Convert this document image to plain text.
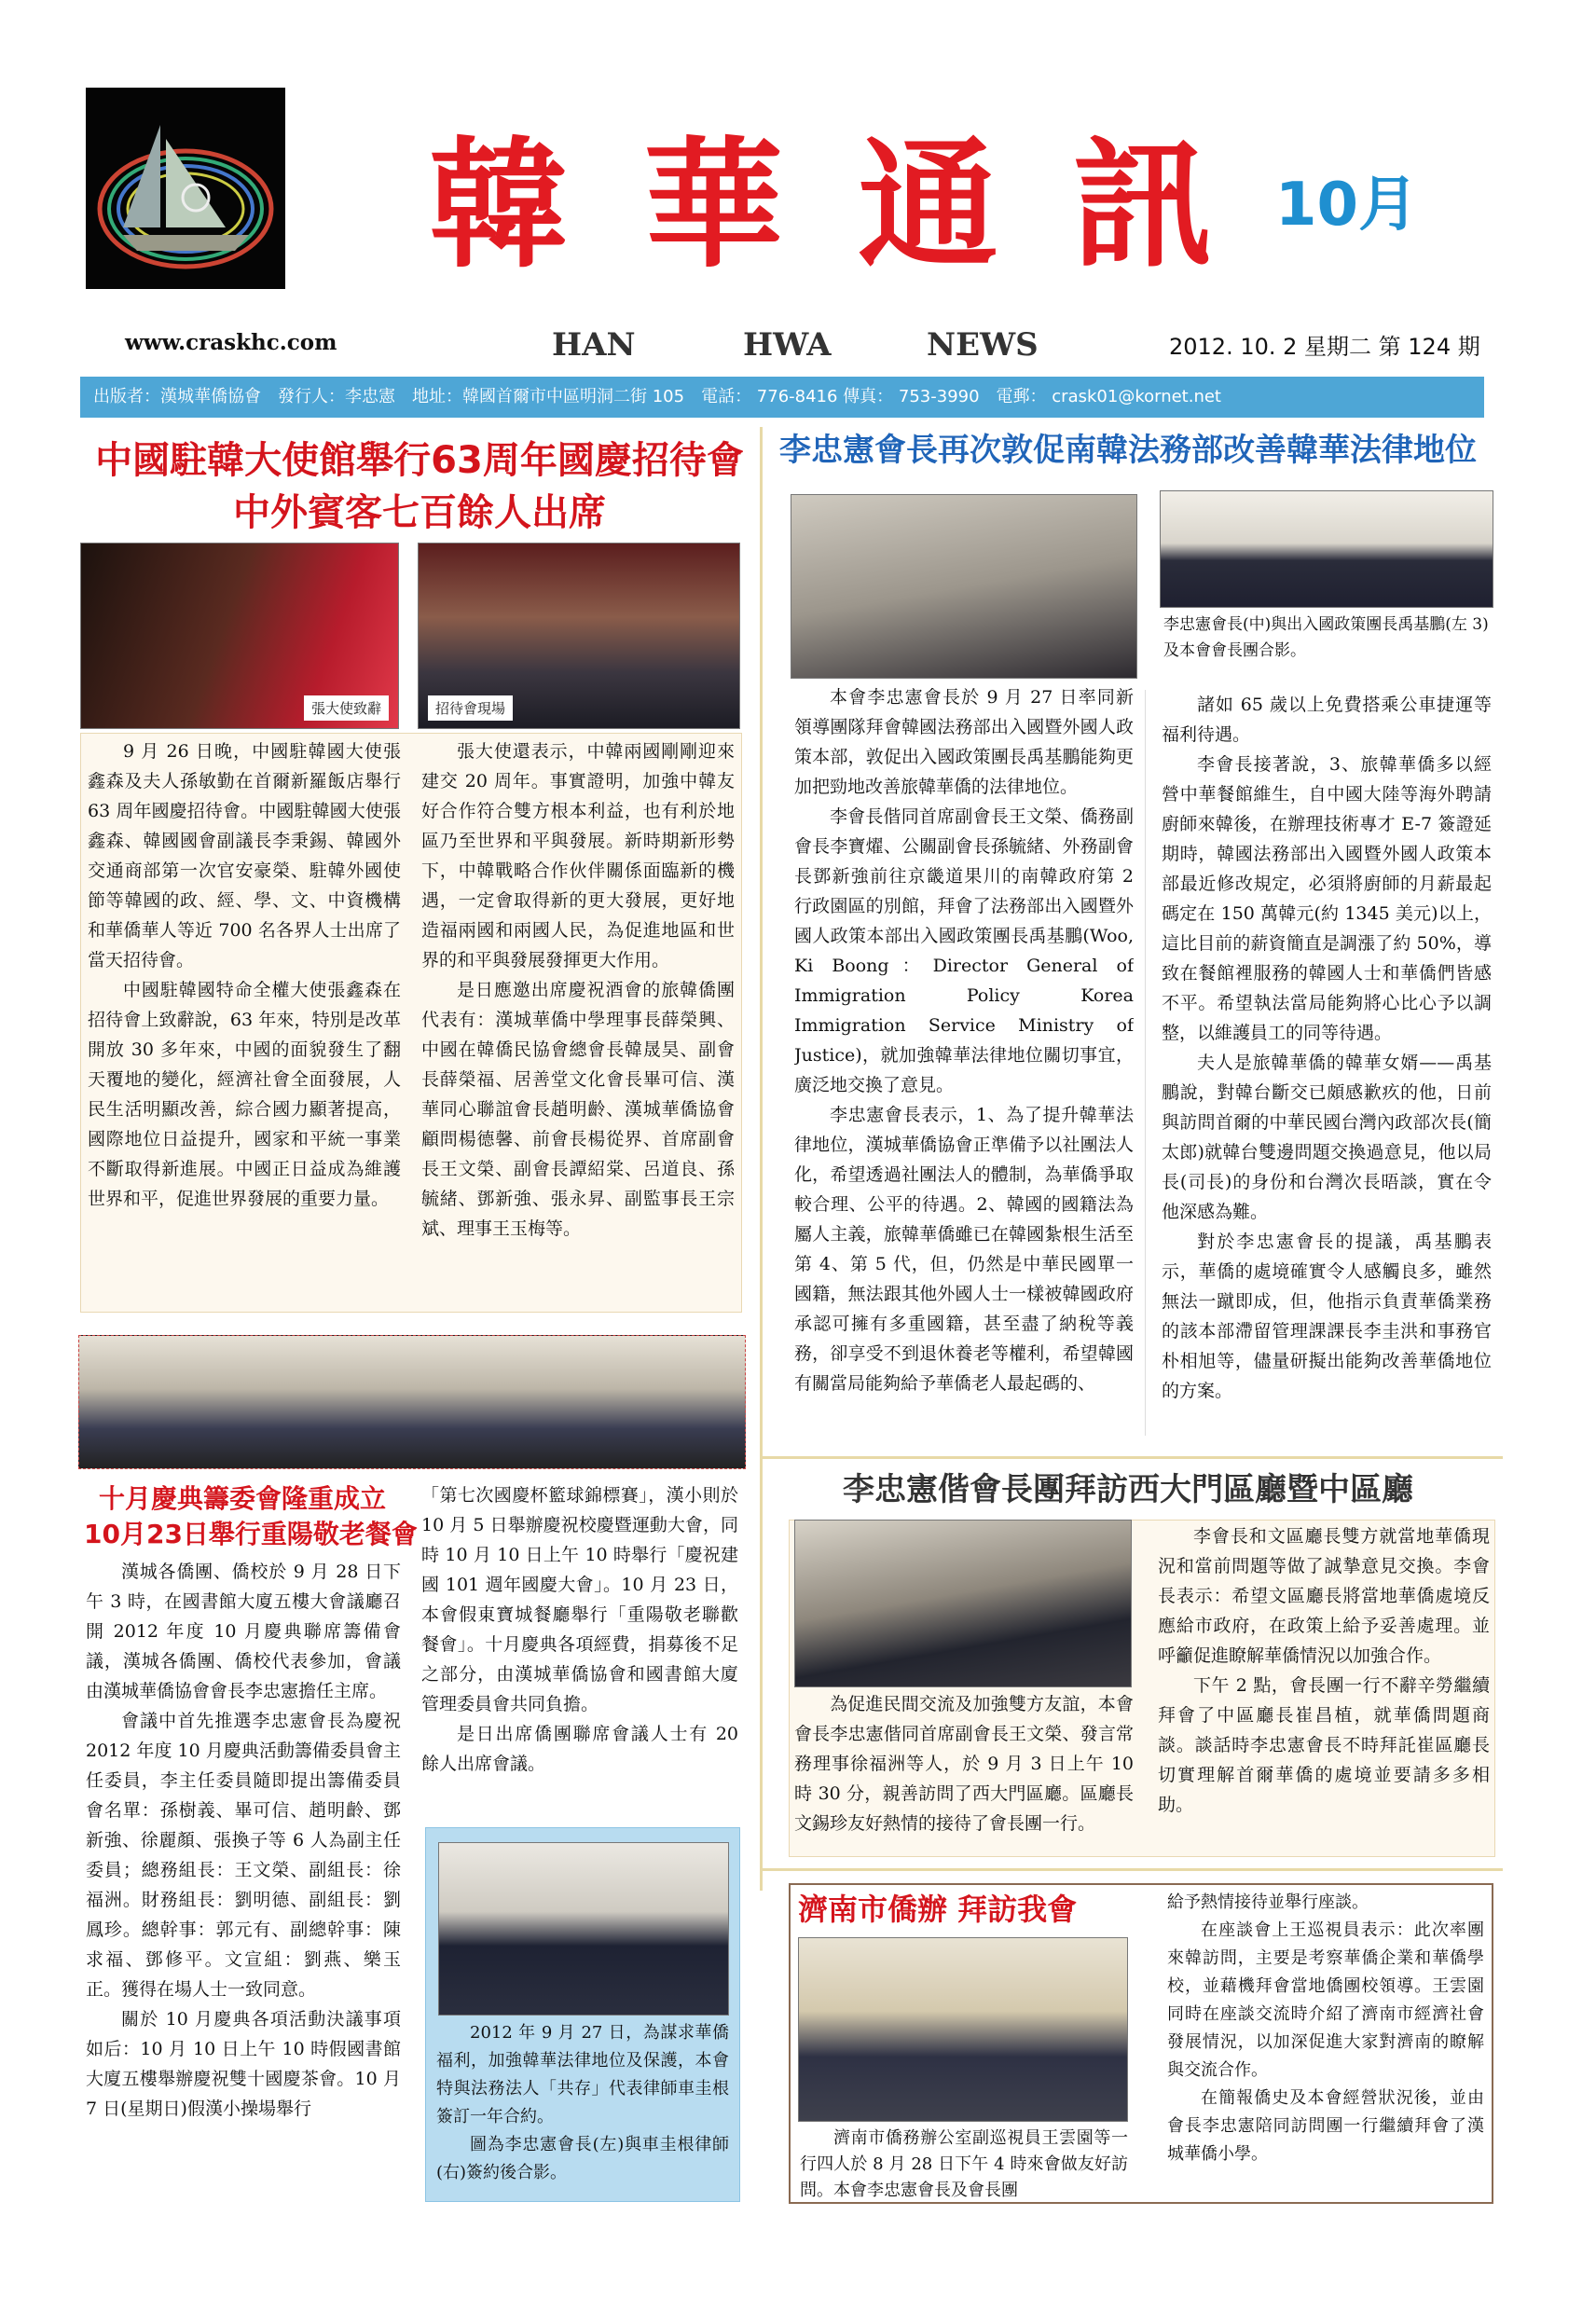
韓 華 通 訊 10月
www.craskhc.com	HAN	HWA	NEWS	2012. 10. 2 星期二 第 124 期
出版者：漢城華僑協會　發行人：李忠憲　地址：韓國首爾市中區明洞二街 105　電話： 776-8416 傳真： 753-3990　電郵： crask01@kornet.net
中國駐韓大使館舉行63周年國慶招待會
中外賓客七百餘人出席
張大使致辭	招待會現場

9 月 26 日晚，中國駐韓國大使張鑫森及夫人孫敏勤在首爾新羅飯店舉行 63 周年國慶招待會。中國駐韓國大使張鑫森、韓國國會副議長李秉錫、韓國外交通商部第一次官安豪榮、駐韓外國使節等韓國的政、經、學、文、中資機構和華僑華人等近 700 名各界人士出席了當天招待會。

中國駐韓國特命全權大使張鑫森在招待會上致辭說，63 年來，特別是改革開放 30 多年來，中國的面貌發生了翻天覆地的變化，經濟社會全面發展，人民生活明顯改善，綜合國力顯著提高，國際地位日益提升，國家和平統一事業不斷取得新進展。中國正日益成為維護世界和平，促進世界發展的重要力量。

張大使還表示，中韓兩國剛剛迎來建交 20 周年。事實證明，加強中韓友好合作符合雙方根本利益，也有利於地區乃至世界和平與發展。新時期新形勢下，中韓戰略合作伙伴關係面臨新的機遇，一定會取得新的更大發展，更好地造福兩國和兩國人民，為促進地區和世界的和平與發展發揮更大作用。

是日應邀出席慶祝酒會的旅韓僑團代表有：漢城華僑中學理事長薛榮興、中國在韓僑民協會總會長韓晟昊、副會長薛榮福、居善堂文化會長畢可信、漢華同心聯誼會長趙明齡、漢城華僑協會顧問楊德馨、前會長楊從界、首席副會長王文榮、副會長譚紹棠、呂道良、孫毓緒、鄧新強、張永昇、副監事長王宗斌、理事王玉梅等。

李忠憲會長再次敦促南韓法務部改善韓華法律地位
李忠憲會長(中)與出入國政策團長禹基鵬(左 3)及本會會長團合影。

本會李忠憲會長於 9 月 27 日率同新領導團隊拜會韓國法務部出入國暨外國人政策本部，敦促出入國政策團長禹基鵬能夠更加把勁地改善旅韓華僑的法律地位。

李會長偕同首席副會長王文榮、僑務副會長李寶燿、公關副會長孫毓緒、外務副會長鄧新強前往京畿道果川的南韓政府第 2 行政園區的別館，拜會了法務部出入國暨外國人政策本部出入國政策團長禹基鵬(Woo, Ki Boong：Director General of Immigration Policy Korea Immigration Service Ministry of Justice)，就加強韓華法律地位關切事宜，廣泛地交換了意見。

李忠憲會長表示，1、為了提升韓華法律地位，漢城華僑協會正準備予以社團法人化，希望透過社團法人的體制，為華僑爭取較合理、公平的待遇。2、韓國的國籍法為屬人主義，旅韓華僑雖已在韓國紮根生活至第 4、第 5 代，但，仍然是中華民國單一國籍，無法跟其他外國人士一樣被韓國政府承認可擁有多重國籍，甚至盡了納稅等義務，卻享受不到退休養老等權利，希望韓國有關當局能夠給予華僑老人最起碼的、

諸如 65 歲以上免費搭乘公車捷運等福利待遇。

李會長接著說，3、旅韓華僑多以經營中華餐館維生，自中國大陸等海外聘請廚師來韓後，在辦理技術專才 E-7 簽證延期時，韓國法務部出入國暨外國人政策本部最近修改規定，必須將廚師的月薪最起碼定在 150 萬韓元(約 1345 美元)以上，這比目前的薪資簡直是調漲了約 50%，導致在餐館裡服務的韓國人士和華僑們皆感不平。希望執法當局能夠將心比心予以調整，以維護員工的同等待遇。

夫人是旅韓華僑的韓華女婿——禹基鵬說，對韓台斷交已頗感歉疚的他，日前與訪問首爾的中華民國台灣內政部次長(簡太郎)就韓台雙邊問題交換過意見，他以局長(司長)的身份和台灣次長晤談，實在令他深感為難。

對於李忠憲會長的提議，禹基鵬表示，華僑的處境確實令人感觸良多，雖然無法一蹴即成，但，他指示負責華僑業務的該本部滯留管理課課長李圭洪和事務官朴相旭等，儘量研擬出能夠改善華僑地位的方案。

十月慶典籌委會隆重成立
10月23日舉行重陽敬老餐會

漢城各僑團、僑校於 9 月 28 日下午 3 時，在國書館大廈五樓大會議廳召開 2012 年度 10 月慶典聯席籌備會議，漢城各僑團、僑校代表參加，會議由漢城華僑協會會長李忠憲擔任主席。

會議中首先推選李忠憲會長為慶祝 2012 年度 10 月慶典活動籌備委員會主任委員，李主任委員隨即提出籌備委員會名單：孫樹義、畢可信、趙明齡、鄧新強、徐麗顏、張換子等 6 人為副主任委員；總務組長：王文榮、副組長：徐福洲。財務組長：劉明德、副組長：劉鳳珍。總幹事：郭元有、副總幹事：陳求福、鄧修平。文宣組：劉燕、樂玉正。獲得在場人士一致同意。

關於 10 月慶典各項活動決議事項如后：10 月 10 日上午 10 時假國書館大廈五樓舉辦慶祝雙十國慶茶會。10 月 7 日(星期日)假漢小操場舉行

「第七次國慶杯籃球錦標賽」，漢小則於 10 月 5 日舉辦慶祝校慶暨運動大會，同時 10 月 10 日上午 10 時舉行「慶祝建國 101 週年國慶大會」。10 月 23 日，本會假東寶城餐廳舉行「重陽敬老聯歡餐會」。十月慶典各項經費，捐募後不足之部分，由漢城華僑協會和國書館大廈管理委員會共同負擔。

是日出席僑團聯席會議人士有 20 餘人出席會議。

2012 年 9 月 27 日，為謀求華僑福利，加強韓華法律地位及保護，本會特與法務法人「共存」代表律師車圭根簽訂一年合約。

圖為李忠憲會長(左)與車圭根律師(右)簽約後合影。

李忠憲偕會長團拜訪西大門區廳暨中區廳

為促進民間交流及加強雙方友誼，本會會長李忠憲偕同首席副會長王文榮、發言常務理事徐福洲等人，於 9 月 3 日上午 10 時 30 分，親善訪問了西大門區廳。區廳長文錫珍友好熱情的接待了會長團一行。

李會長和文區廳長雙方就當地華僑現況和當前問題等做了誠摯意見交換。李會長表示：希望文區廳長將當地華僑處境反應給市政府，在政策上給予妥善處理。並呼籲促進瞭解華僑情況以加強合作。

下午 2 點，會長團一行不辭辛勞繼續拜會了中區廳長崔昌植，就華僑問題商談。談話時李忠憲會長不時拜託崔區廳長切實理解首爾華僑的處境並要請多多相助。

濟南市僑辦 拜訪我會

濟南市僑務辦公室副巡視員王雲園等一行四人於 8 月 28 日下午 4 時來會做友好訪問。本會李忠憲會長及會長團

給予熱情接待並舉行座談。

在座談會上王巡視員表示：此次率團來韓訪問，主要是考察華僑企業和華僑學校，並藉機拜會當地僑團校領導。王雲園同時在座談交流時介紹了濟南市經濟社會發展情況，以加深促進大家對濟南的瞭解與交流合作。

在簡報僑史及本會經營狀況後，並由會長李忠憲陪同訪問團一行繼續拜會了漢城華僑小學。
